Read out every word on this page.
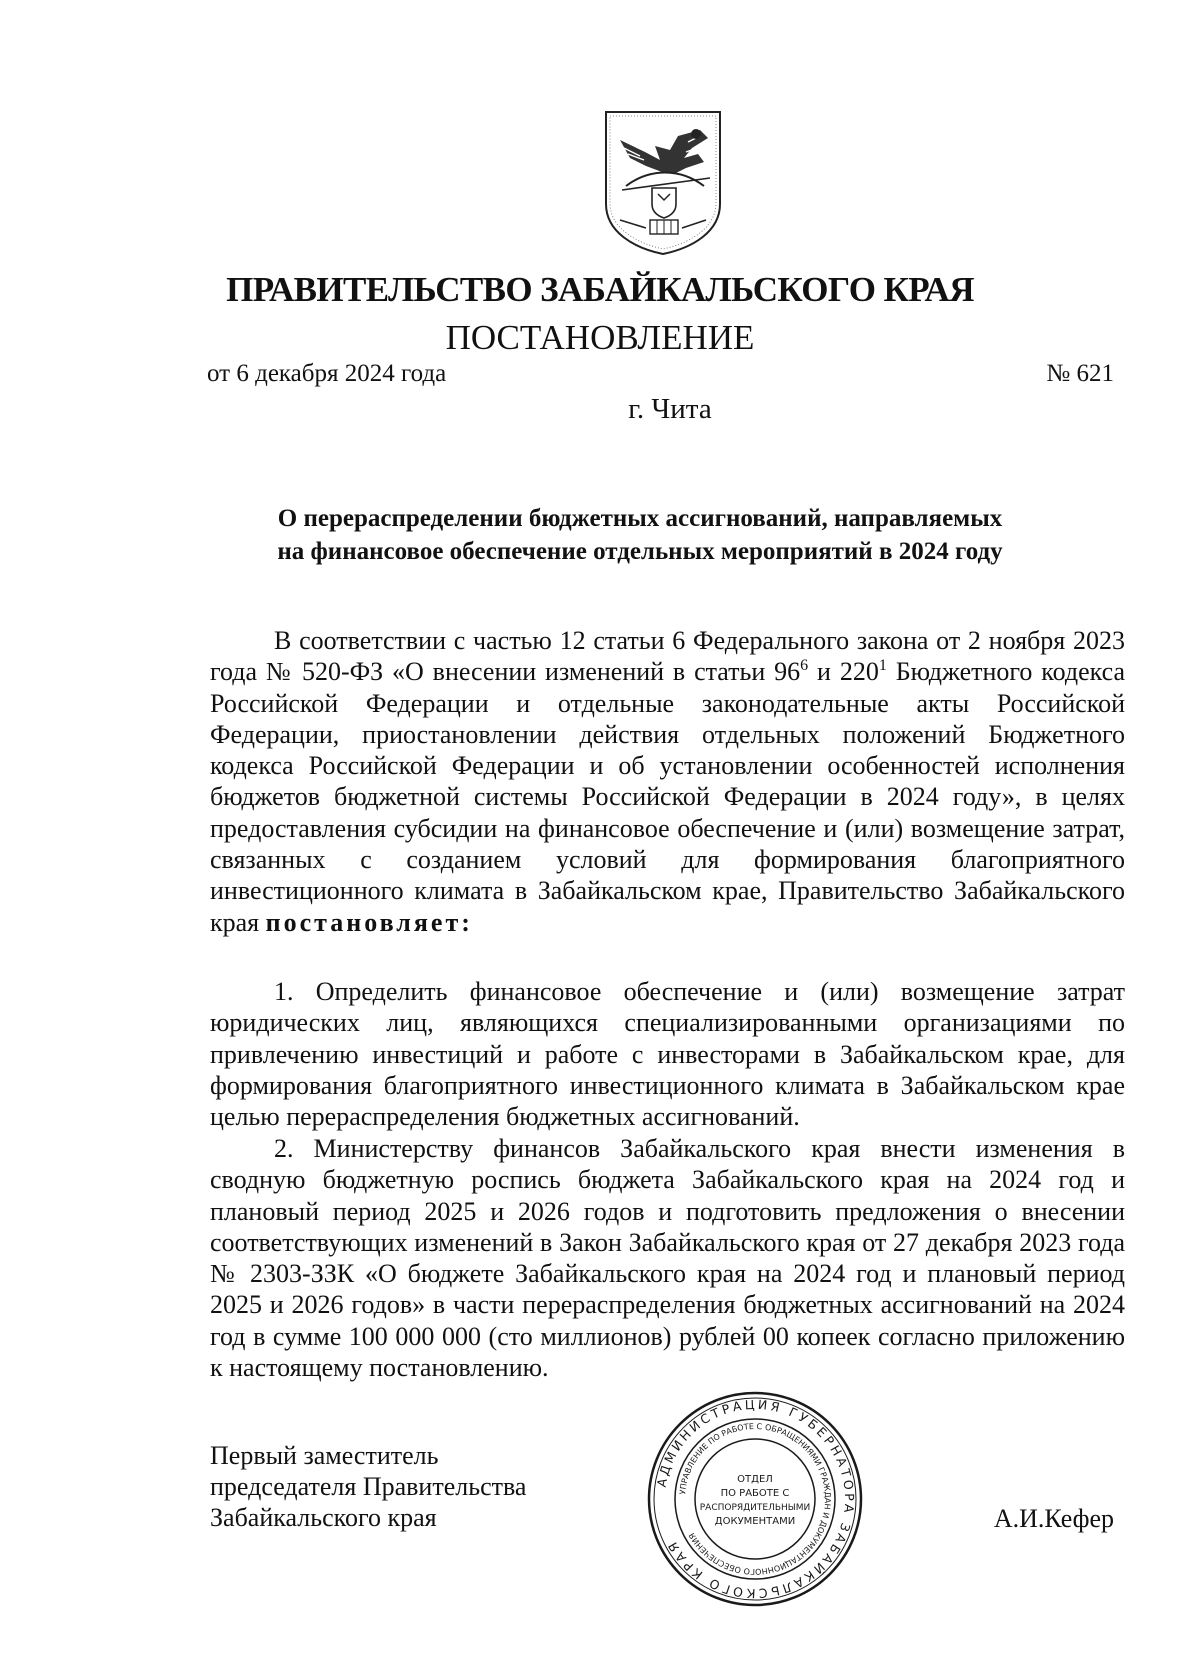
ПРАВИТЕЛЬСТВО ЗАБАЙКАЛЬСКОГО КРАЯ
ПОСТАНОВЛЕНИЕ
от 6 декабря 2024 года	№ 621
г. Чита
О перераспределении бюджетных ассигнований, направляемых
на финансовое обеспечение отдельных мероприятий в 2024 году

В соответствии с частью 12 статьи 6 Федерального закона от 2 ноября 2023 года № 520-ФЗ «О внесении изменений в статьи $96^6$ и $220^1$ Бюджетного кодекса Российской Федерации и отдельные законодательные акты Российской Федерации, приостановлении действия отдельных положений Бюджетного кодекса Российской Федерации и об установлении особенностей исполнения бюджетов бюджетной системы Российской Федерации в 2024 году», в целях предоставления субсидии на финансовое обеспечение и (или) возмещение затрат, связанных с созданием условий для формирования благоприятного инвестиционного климата в Забайкальском крае, Правительство Забайкальского края постановляет:

1. Определить финансовое обеспечение и (или) возмещение затрат юридических лиц, являющихся специализированными организациями по привлечению инвестиций и работе с инвесторами в Забайкальском крае, для формирования благоприятного инвестиционного климата в Забайкальском крае целью перераспределения бюджетных ассигнований.

2. Министерству финансов Забайкальского края внести изменения в сводную бюджетную роспись бюджета Забайкальского края на 2024 год и плановый период 2025 и 2026 годов и подготовить предложения о внесении соответствующих изменений в Закон Забайкальского края от 27 декабря 2023 года № 2303-ЗЗК «О бюджете Забайкальского края на 2024 год и плановый период 2025 и 2026 годов» в части перераспределения бюджетных ассигнований на 2024 год в сумме 100 000 000 (сто миллионов) рублей 00 копеек согласно приложению к настоящему постановлению.

Первый заместитель
председателя Правительства
Забайкальского края
АДМИНИСТРАЦИЯ ГУБЕРНАТОРА ЗАБАЙКАЛЬСКОГО КРАЯ
УПРАВЛЕНИЕ ПО РАБОТЕ С ОБРАЩЕНИЯМИ ГРАЖДАН И ДОКУМЕНТАЦИОННОГО ОБЕСПЕЧЕНИЯ
ОТДЕЛ
ПО РАБОТЕ С
РАСПОРЯДИТЕЛЬНЫМИ
ДОКУМЕНТАМИ	А.И.Кефер
